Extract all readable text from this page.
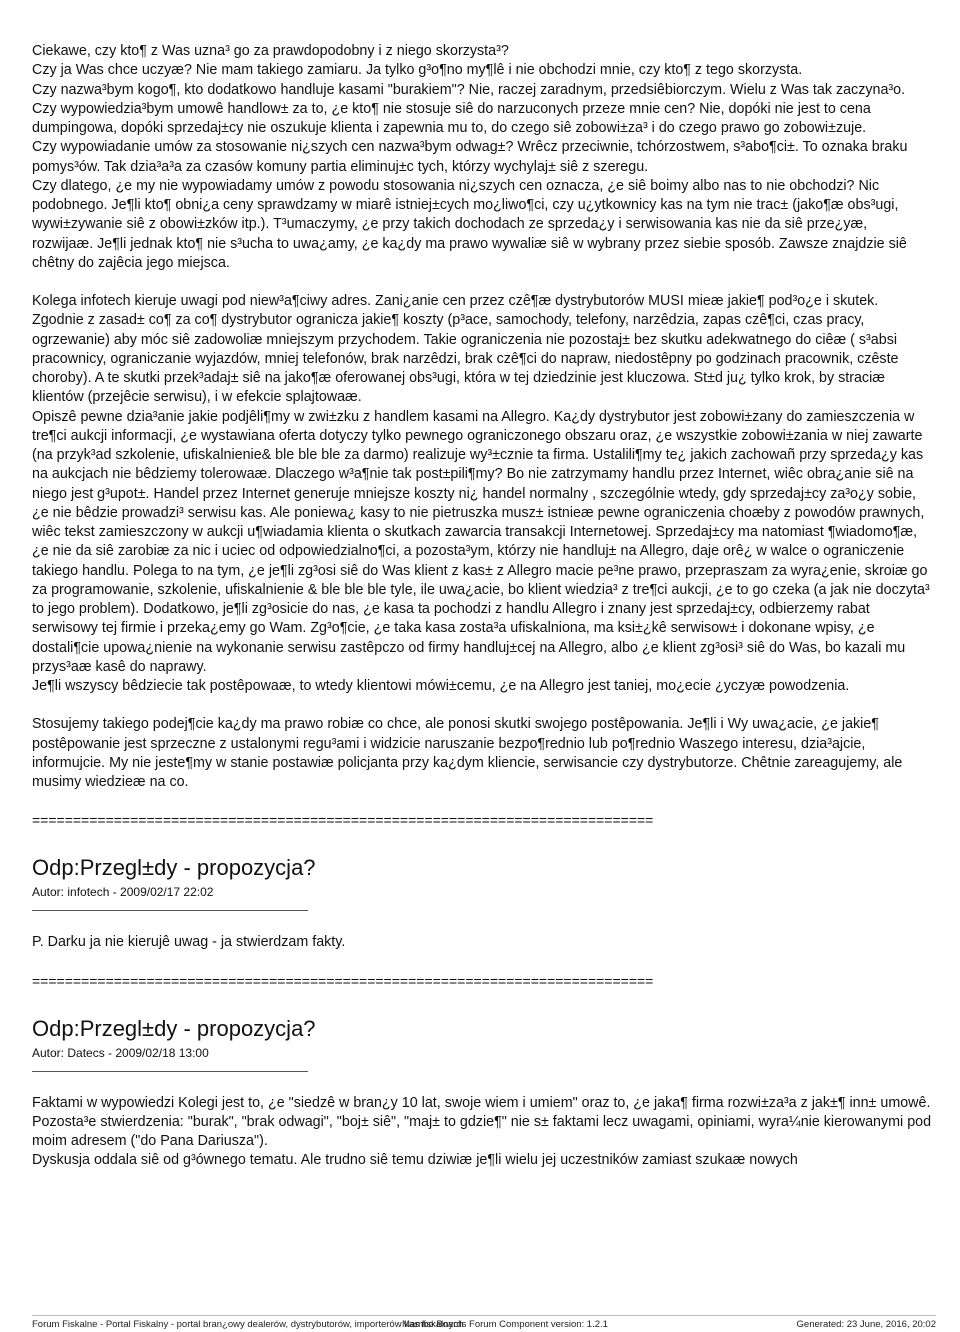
Ciekawe, czy kto¶ z Was uzna³ go za prawdopodobny i z niego skorzysta³?

Czy ja Was chce uczyæ? Nie mam takiego zamiaru. Ja tylko g³o¶no my¶lê i nie obchodzi mnie, czy kto¶ z tego skorzysta.

Czy nazwa³bym kogo¶, kto dodatkowo handluje kasami "burakiem"? Nie, raczej zaradnym, przedsiêbiorczym. Wielu z Was tak zaczyna³o.

Czy wypowiedzia³bym umowê handlow± za to, ¿e kto¶ nie stosuje siê do narzuconych przeze mnie cen? Nie, dopóki nie jest to cena dumpingowa, dopóki sprzedaj±cy nie oszukuje klienta i zapewnia mu to, do czego siê zobowi±za³ i do czego prawo go zobowi±zuje.

Czy wypowiadanie umów za stosowanie ni¿szych cen nazwa³bym odwag±? Wrêcz przeciwnie, tchórzostwem, s³abo¶ci±. To oznaka braku pomys³ów. Tak dzia³a³a za czasów komuny partia eliminuj±c tych, którzy wychylaj± siê z szeregu.

Czy dlatego, ¿e my nie wypowiadamy umów z powodu stosowania ni¿szych cen oznacza, ¿e siê boimy albo nas to nie obchodzi? Nic podobnego. Je¶li kto¶ obni¿a ceny sprawdzamy w miarê istniej±cych mo¿liwo¶ci, czy u¿ytkownicy kas na tym nie trac± (jako¶æ obs³ugi, wywi±zywanie siê z obowi±zków itp.). T³umaczymy, ¿e przy takich dochodach ze sprzeda¿y i serwisowania kas nie da siê prze¿yæ, rozwijaæ. Je¶li jednak kto¶ nie s³ucha to uwa¿amy, ¿e ka¿dy ma prawo wywaliæ siê w wybrany przez siebie sposób. Zawsze znajdzie siê chêtny do zajêcia jego miejsca.

Kolega infotech kieruje uwagi pod niew³a¶ciwy adres. Zani¿anie cen przez czê¶æ dystrybutorów MUSI mieæ jakie¶ pod³o¿e i skutek. Zgodnie z zasad± co¶ za co¶ dystrybutor ogranicza jakie¶ koszty (p³ace, samochody, telefony, narzêdzia, zapas czê¶ci, czas pracy, ogrzewanie) aby móc siê zadowoliæ mniejszym przychodem. Takie ograniczenia nie pozostaj± bez skutku adekwatnego do ciêæ ( s³absi pracownicy, ograniczanie wyjazdów, mniej telefonów, brak narzêdzi, brak czê¶ci do napraw, niedostêpny po godzinach pracownik, czêste choroby). A te skutki przek³adaj± siê na jako¶æ oferowanej obs³ugi, która w tej dziedzinie jest kluczowa. St±d ju¿ tylko krok, by straciæ klientów (przejêcie serwisu), i w efekcie splajtowaæ.

Opiszê pewne dzia³anie jakie podjêli¶my w zwi±zku z handlem kasami na Allegro. Ka¿dy dystrybutor jest zobowi±zany do zamieszczenia w tre¶ci aukcji informacji, ¿e wystawiana oferta dotyczy tylko pewnego ograniczonego obszaru oraz, ¿e wszystkie zobowi±zania w niej zawarte (na przyk³ad szkolenie, ufiskalnienie& ble ble ble za darmo) realizuje wy³±cznie ta firma. Ustalili¶my te¿ jakich zachowañ przy sprzeda¿y kas na aukcjach nie bêdziemy tolerowaæ. Dlaczego w³a¶nie tak post±pili¶my? Bo nie zatrzymamy handlu przez Internet, wiêc obra¿anie siê na niego jest g³upot±. Handel przez Internet generuje mniejsze koszty ni¿ handel normalny , szczególnie wtedy, gdy sprzedaj±cy za³o¿y sobie, ¿e nie bêdzie prowadzi³ serwisu kas. Ale poniewa¿ kasy to nie pietruszka musz± istnieæ pewne ograniczenia choæby z powodów prawnych, wiêc tekst zamieszczony w aukcji u¶wiadamia klienta o skutkach zawarcia transakcji Internetowej. Sprzedaj±cy ma natomiast ¶wiadomo¶æ, ¿e nie da siê zarobiæ za nic i uciec od odpowiedzialno¶ci, a pozosta³ym, którzy nie handluj± na Allegro, daje orê¿ w walce o ograniczenie takiego handlu. Polega to na tym, ¿e je¶li zg³osi siê do Was klient z kas± z Allegro macie pe³ne prawo, przepraszam za wyra¿enie, skroiæ go za programowanie, szkolenie, ufiskalnienie & ble ble ble tyle, ile uwa¿acie, bo klient wiedzia³ z tre¶ci aukcji, ¿e to go czeka (a jak nie doczyta³ to jego problem). Dodatkowo, je¶li zg³osicie do nas, ¿e kasa ta pochodzi z handlu Allegro i znany jest sprzedaj±cy, odbierzemy rabat serwisowy tej firmie i przeka¿emy go Wam. Zg³o¶cie, ¿e taka kasa zosta³a ufiskalniona, ma ksi±¿kê serwisow± i dokonane wpisy, ¿e dostali¶cie upowa¿nienie na wykonanie serwisu zastêpczo od firmy handluj±cej na Allegro, albo ¿e klient zg³osi³ siê do Was, bo kazali mu przys³aæ kasê do naprawy.

Je¶li wszyscy bêdziecie tak postêpowaæ, to wtedy klientowi mówi±cemu, ¿e na Allegro jest taniej, mo¿ecie ¿yczyæ powodzenia.

Stosujemy takiego podej¶cie ka¿dy ma prawo robiæ co chce, ale ponosi skutki swojego postêpowania. Je¶li i Wy uwa¿acie, ¿e jakie¶ postêpowanie jest sprzeczne z ustalonymi regu³ami i widzicie naruszanie bezpo¶rednio lub po¶rednio Waszego interesu, dzia³ajcie, informujcie. My nie jeste¶my w stanie postawiæ policjanta przy ka¿dym kliencie, serwisancie czy dystrybutorze. Chêtnie zareagujemy, ale musimy wiedzieæ na co.

============================================================================

Odp:Przegl±dy - propozycja?

Autor: infotech - 2009/02/17 22:02

P. Darku ja nie kierujê uwag - ja stwierdzam fakty.

============================================================================

Odp:Przegl±dy - propozycja?

Autor: Datecs - 2009/02/18 13:00

Faktami w wypowiedzi Kolegi jest to, ¿e "siedzê w bran¿y 10 lat, swoje wiem i umiem" oraz to, ¿e jaka¶ firma rozwi±za³a z jak±¶ inn± umowê. Pozosta³e stwierdzenia: "burak", "brak odwagi", "boj± siê", "maj± to gdzie¶" nie s± faktami lecz uwagami, opiniami, wyra¼nie kierowanymi pod moim adresem ("do Pana Dariusza").

Dyskusja oddala siê od g³ównego tematu. Ale trudno siê temu dziwiæ je¶li wielu jej uczestników zamiast szukaæ nowych

Forum Fiskalne - Portal Fiskalny - portal bran¿owy dealerów, dystrybutorów, importerów kas fiskalnych
Mambo Boards Forum Component version: 1.2.1	Generated: 23 June, 2016, 20:02
